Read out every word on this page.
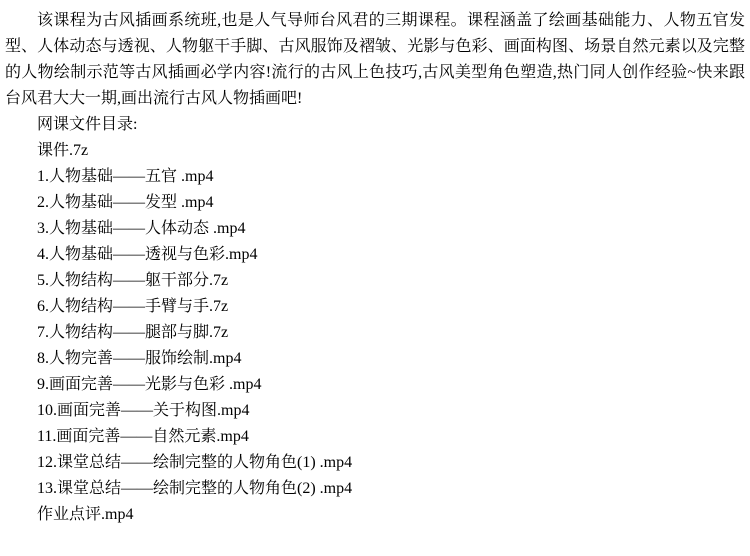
该课程为古风插画系统班,也是人气导师台风君的三期课程。课程涵盖了绘画基础能力、人物五官发型、人体动态与透视、人物躯干手脚、古风服饰及褶皱、光影与色彩、画面构图、场景自然元素以及完整的人物绘制示范等古风插画必学内容!流行的古风上色技巧,古风美型角色塑造,热门同人创作经验~快来跟台风君大大一期,画出流行古风人物插画吧!

网课文件目录:
课件.7z
1.人物基础——五官 .mp4
2.人物基础——发型 .mp4
3.人物基础——人体动态 .mp4
4.人物基础——透视与色彩.mp4
5.人物结构——躯干部分.7z
6.人物结构——手臂与手.7z
7.人物结构——腿部与脚.7z
8.人物完善——服饰绘制.mp4
9.画面完善——光影与色彩 .mp4
10.画面完善——关于构图.mp4
11.画面完善——自然元素.mp4
12.课堂总结——绘制完整的人物角色(1) .mp4
13.课堂总结——绘制完整的人物角色(2) .mp4
作业点评.mp4
